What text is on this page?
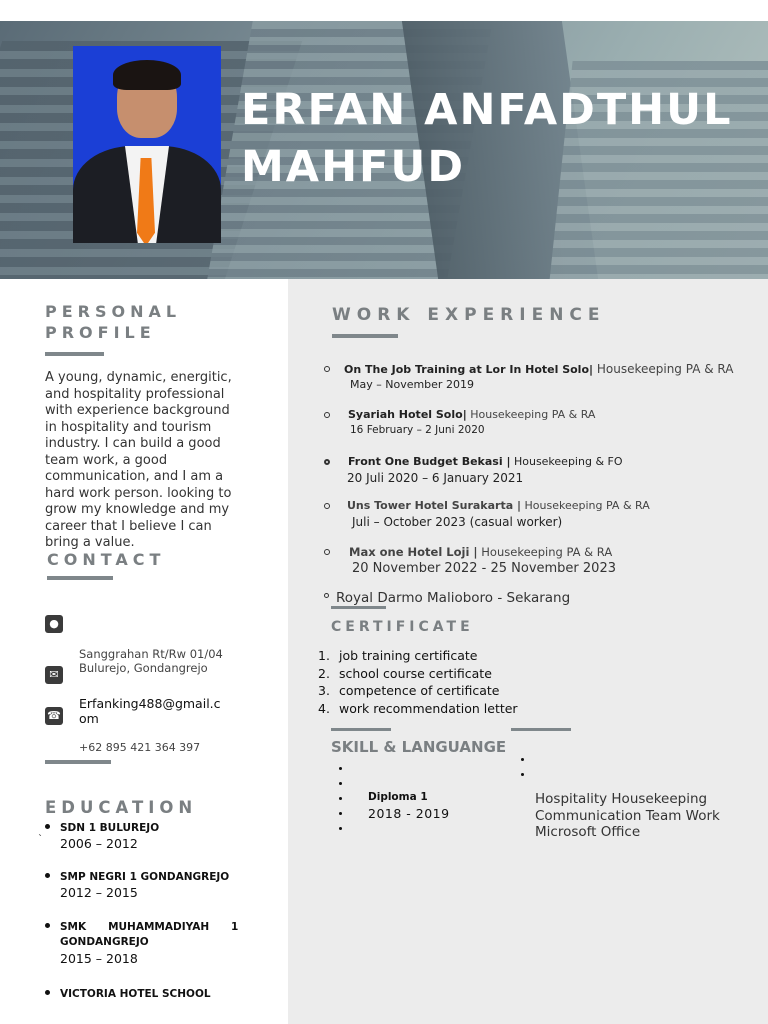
ERFAN ANFADTHUL
MAHFUD
PERSONAL
PROFILE
A young, dynamic, energitic,
and hospitality professional
with experience background
in hospitality and tourism
industry. I can build a good
team work, a good
communication, and I am a
hard work person. looking to
grow my knowledge and my
career that I believe I can
bring a value.
CONTACT
●
Sanggrahan Rt/Rw 01/04
Bulurejo, Gondangrejo
✉
Erfanking488@gmail.c
om
☎
+62 895 421 364 397
EDUCATION
SDN 1 BULUREJO
2006 – 2012
`
SMP NEGRI 1 GONDANGREJO
2012 – 2015
SMK      MUHAMMADIYAH      1
GONDANGREJO
2015 – 2018
VICTORIA HOTEL SCHOOL
WORK EXPERIENCE
On The Job Training at Lor In Hotel Solo| Housekeeping PA & RA
May – November 2019
Syariah Hotel Solo| Housekeeping PA & RA
16 February – 2 Juni 2020
Front One Budget Bekasi | Housekeeping & FO
20 Juli 2020 – 6 January 2021
Uns Tower Hotel Surakarta | Housekeeping PA & RA
Juli – October 2023 (casual worker)
Max one Hotel Loji | Housekeeping PA & RA
20 November 2022 - 25 November 2023
Royal Darmo Malioboro - Sekarang
CERTIFICATE
1. job training certificate
2. school course certificate
3. competence of certificate
4. work recommendation letter
SKILL & LANGUANGE
Diploma 1
2018 - 2019
Hospitality Housekeeping
Communication Team Work
Microsoft Office
